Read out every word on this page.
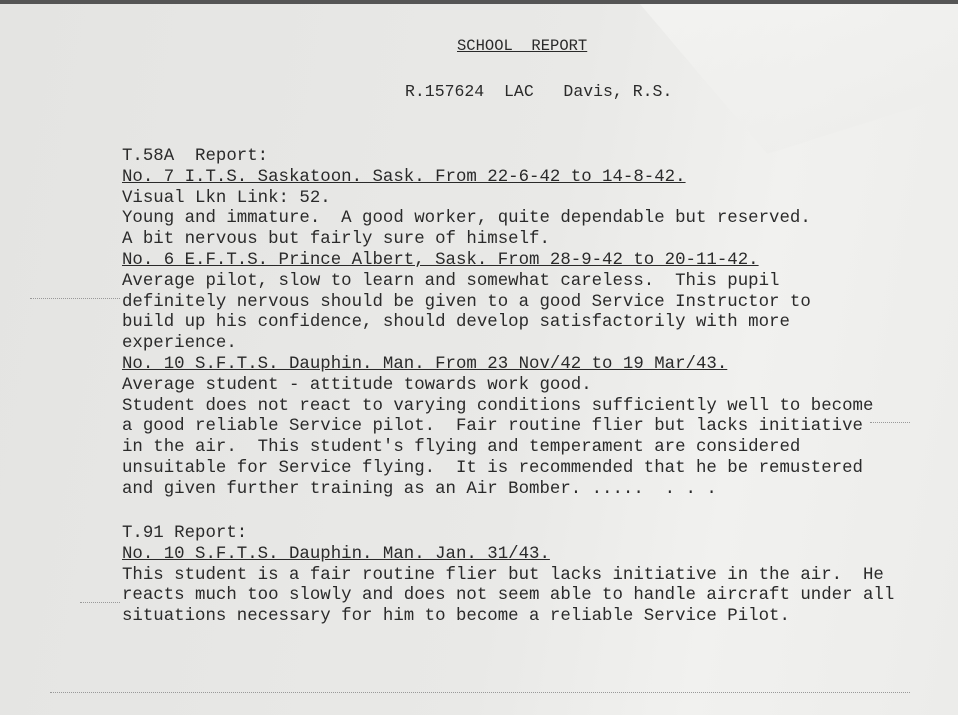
SCHOOL  REPORT
R.157624  LAC   Davis, R.S.
T.58A  Report:
No. 7 I.T.S. Saskatoon. Sask. From 22-6-42 to 14-8-42.
Visual Lkn Link: 52.
Young and immature.  A good worker, quite dependable but reserved.
A bit nervous but fairly sure of himself.
No. 6 E.F.T.S. Prince Albert, Sask. From 28-9-42 to 20-11-42.
Average pilot, slow to learn and somewhat careless.  This pupil
definitely nervous should be given to a good Service Instructor to
build up his confidence, should develop satisfactorily with more
experience.
No. 10 S.F.T.S. Dauphin. Man. From 23 Nov/42 to 19 Mar/43.
Average student - attitude towards work good.
Student does not react to varying conditions sufficiently well to become
a good reliable Service pilot.  Fair routine flier but lacks initiative
in the air.  This student's flying and temperament are considered
unsuitable for Service flying.  It is recommended that he be remustered
and given further training as an Air Bomber. .....  . . .
T.91 Report:
No. 10 S.F.T.S. Dauphin. Man. Jan. 31/43.
This student is a fair routine flier but lacks initiative in the air.  He
reacts much too slowly and does not seem able to handle aircraft under all
situations necessary for him to become a reliable Service Pilot.
